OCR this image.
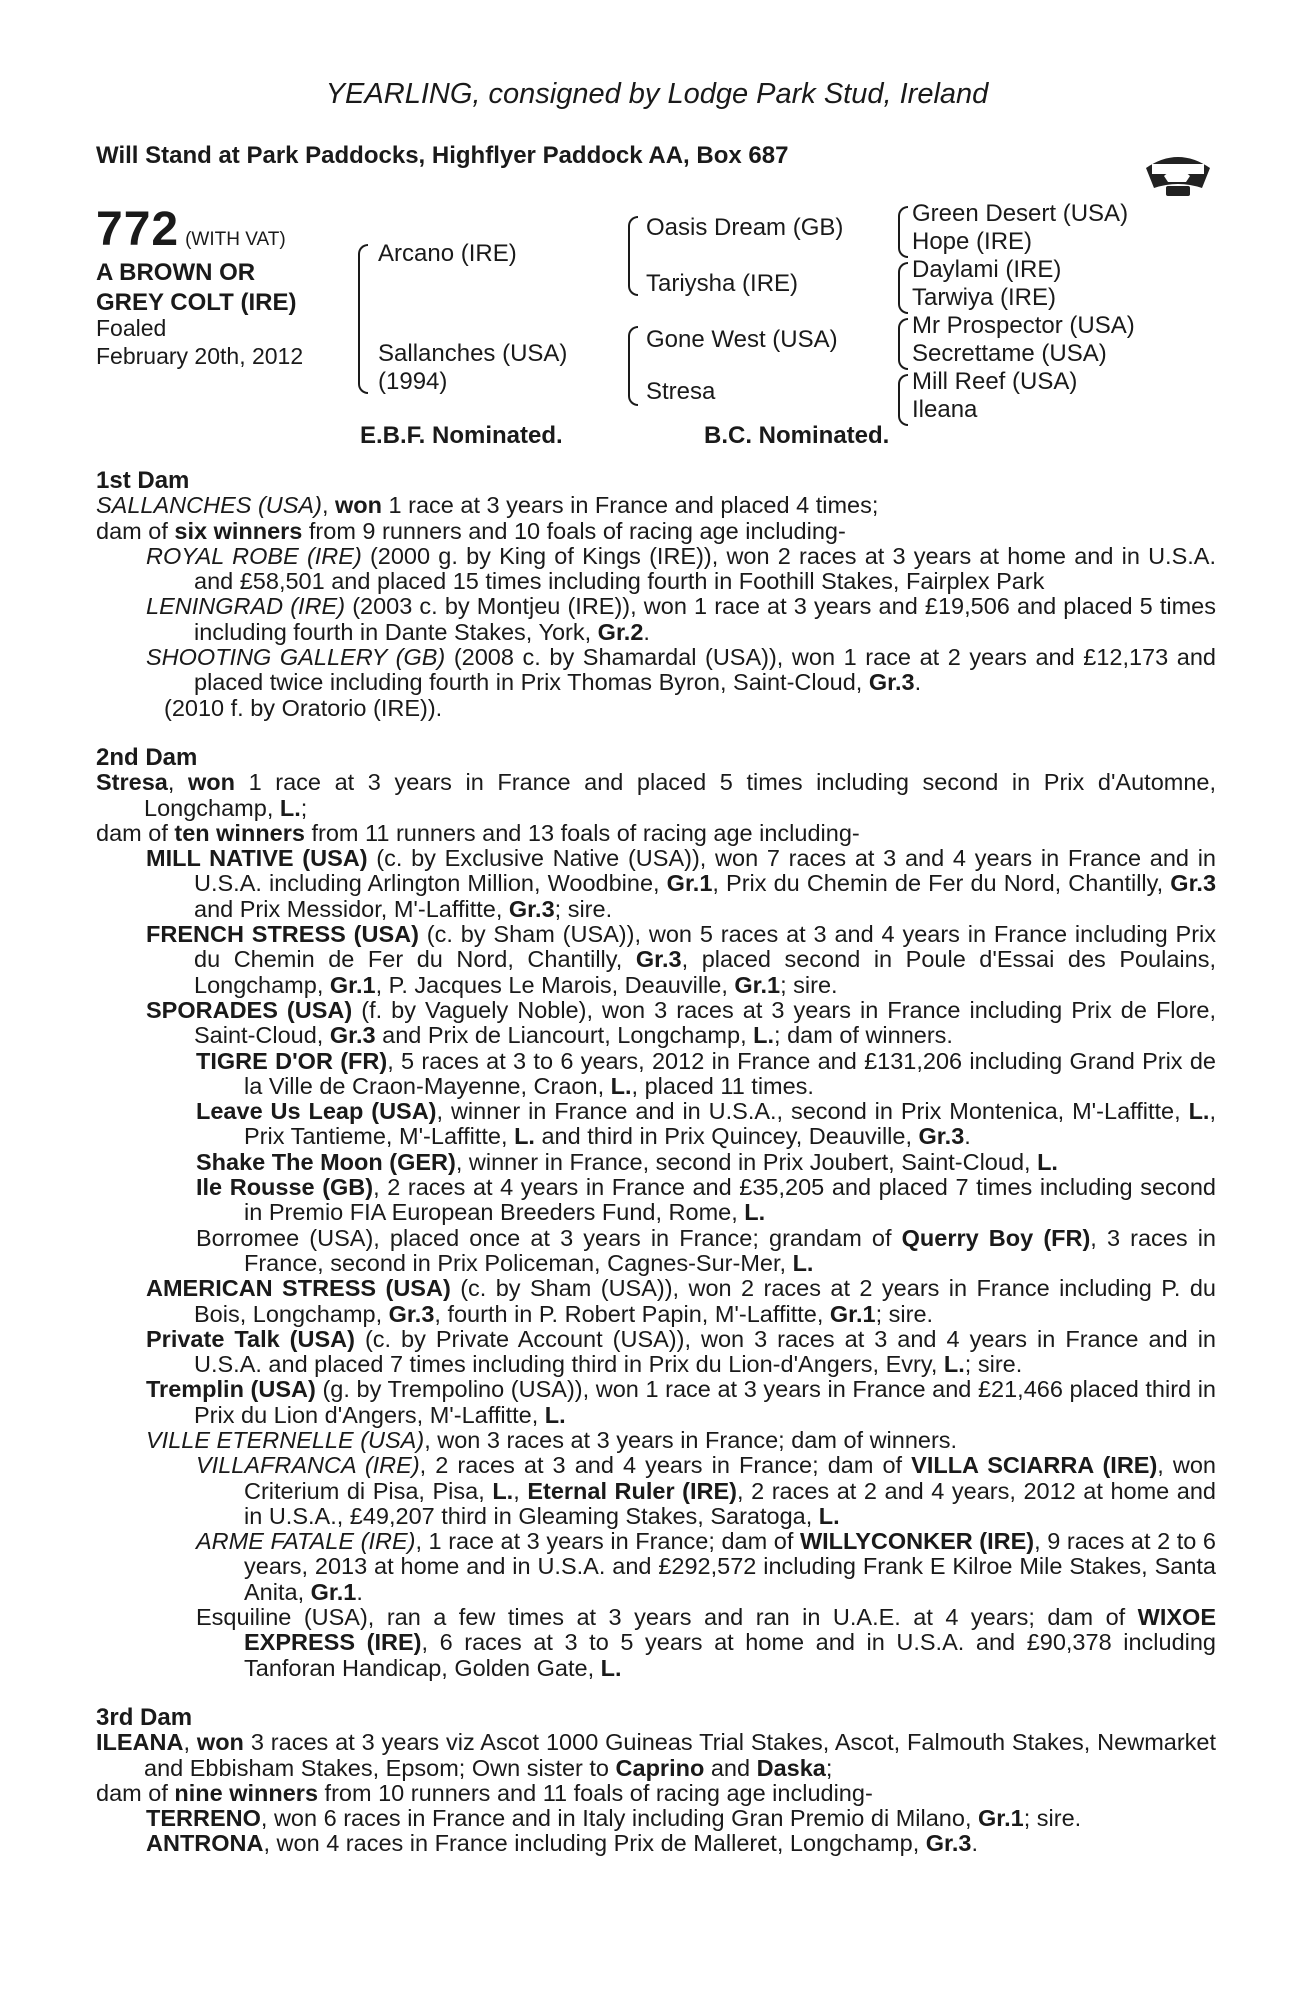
YEARLING, consigned by Lodge Park Stud, Ireland
Will Stand at Park Paddocks, Highflyer Paddock AA, Box 687
772 (WITH VAT)
A BROWN OR
GREY COLT (IRE)
Foaled
February 20th, 2012
Arcano (IRE)
Sallanches (USA)
(1994)
Oasis Dream (GB)
Tariysha (IRE)
Gone West (USA)
Stresa
Green Desert (USA)
Hope (IRE)
Daylami (IRE)
Tarwiya (IRE)
Mr Prospector (USA)
Secrettame (USA)
Mill Reef (USA)
Ileana
E.B.F. Nominated.	B.C. Nominated.

1st Dam

SALLANCHES (USA), won 1 race at 3 years in France and placed 4 times;

dam of six winners from 9 runners and 10 foals of racing age including-

ROYAL ROBE (IRE) (2000 g. by King of Kings (IRE)), won 2 races at 3 years at home and in U.S.A. and £58,501 and placed 15 times including fourth in Foothill Stakes, Fairplex Park

LENINGRAD (IRE) (2003 c. by Montjeu (IRE)), won 1 race at 3 years and £19,506 and placed 5 times including fourth in Dante Stakes, York, Gr.2.

SHOOTING GALLERY (GB) (2008 c. by Shamardal (USA)), won 1 race at 2 years and £12,173 and placed twice including fourth in Prix Thomas Byron, Saint-Cloud, Gr.3.

(2010 f. by Oratorio (IRE)).

2nd Dam

Stresa, won 1 race at 3 years in France and placed 5 times including second in Prix d'Automne, Longchamp, L.;

dam of ten winners from 11 runners and 13 foals of racing age including-

MILL NATIVE (USA) (c. by Exclusive Native (USA)), won 7 races at 3 and 4 years in France and in U.S.A. including Arlington Million, Woodbine, Gr.1, Prix du Chemin de Fer du Nord, Chantilly, Gr.3 and Prix Messidor, M'-Laffitte, Gr.3; sire.

FRENCH STRESS (USA) (c. by Sham (USA)), won 5 races at 3 and 4 years in France including Prix du Chemin de Fer du Nord, Chantilly, Gr.3, placed second in Poule d'Essai des Poulains, Longchamp, Gr.1, P. Jacques Le Marois, Deauville, Gr.1; sire.

SPORADES (USA) (f. by Vaguely Noble), won 3 races at 3 years in France including Prix de Flore, Saint-Cloud, Gr.3 and Prix de Liancourt, Longchamp, L.; dam of winners.

TIGRE D'OR (FR), 5 races at 3 to 6 years, 2012 in France and £131,206 including Grand Prix de la Ville de Craon-Mayenne, Craon, L., placed 11 times.

Leave Us Leap (USA), winner in France and in U.S.A., second in Prix Montenica, M'-Laffitte, L., Prix Tantieme, M'-Laffitte, L. and third in Prix Quincey, Deauville, Gr.3.

Shake The Moon (GER), winner in France, second in Prix Joubert, Saint-Cloud, L.

Ile Rousse (GB), 2 races at 4 years in France and £35,205 and placed 7 times including second in Premio FIA European Breeders Fund, Rome, L.

Borromee (USA), placed once at 3 years in France; grandam of Querry Boy (FR), 3 races in France, second in Prix Policeman, Cagnes-Sur-Mer, L.

AMERICAN STRESS (USA) (c. by Sham (USA)), won 2 races at 2 years in France including P. du Bois, Longchamp, Gr.3, fourth in P. Robert Papin, M'-Laffitte, Gr.1; sire.

Private Talk (USA) (c. by Private Account (USA)), won 3 races at 3 and 4 years in France and in U.S.A. and placed 7 times including third in Prix du Lion-d'Angers, Evry, L.; sire.

Tremplin (USA) (g. by Trempolino (USA)), won 1 race at 3 years in France and £21,466 placed third in Prix du Lion d'Angers, M'-Laffitte, L.

VILLE ETERNELLE (USA), won 3 races at 3 years in France; dam of winners.

VILLAFRANCA (IRE), 2 races at 3 and 4 years in France; dam of VILLA SCIARRA (IRE), won Criterium di Pisa, Pisa, L., Eternal Ruler (IRE), 2 races at 2 and 4 years, 2012 at home and in U.S.A., £49,207 third in Gleaming Stakes, Saratoga, L.

ARME FATALE (IRE), 1 race at 3 years in France; dam of WILLYCONKER (IRE), 9 races at 2 to 6 years, 2013 at home and in U.S.A. and £292,572 including Frank E Kilroe Mile Stakes, Santa Anita, Gr.1.

Esquiline (USA), ran a few times at 3 years and ran in U.A.E. at 4 years; dam of WIXOE EXPRESS (IRE), 6 races at 3 to 5 years at home and in U.S.A. and £90,378 including Tanforan Handicap, Golden Gate, L.

3rd Dam

ILEANA, won 3 races at 3 years viz Ascot 1000 Guineas Trial Stakes, Ascot, Falmouth Stakes, Newmarket and Ebbisham Stakes, Epsom; Own sister to Caprino and Daska;

dam of nine winners from 10 runners and 11 foals of racing age including-

TERRENO, won 6 races in France and in Italy including Gran Premio di Milano, Gr.1; sire.

ANTRONA, won 4 races in France including Prix de Malleret, Longchamp, Gr.3.
